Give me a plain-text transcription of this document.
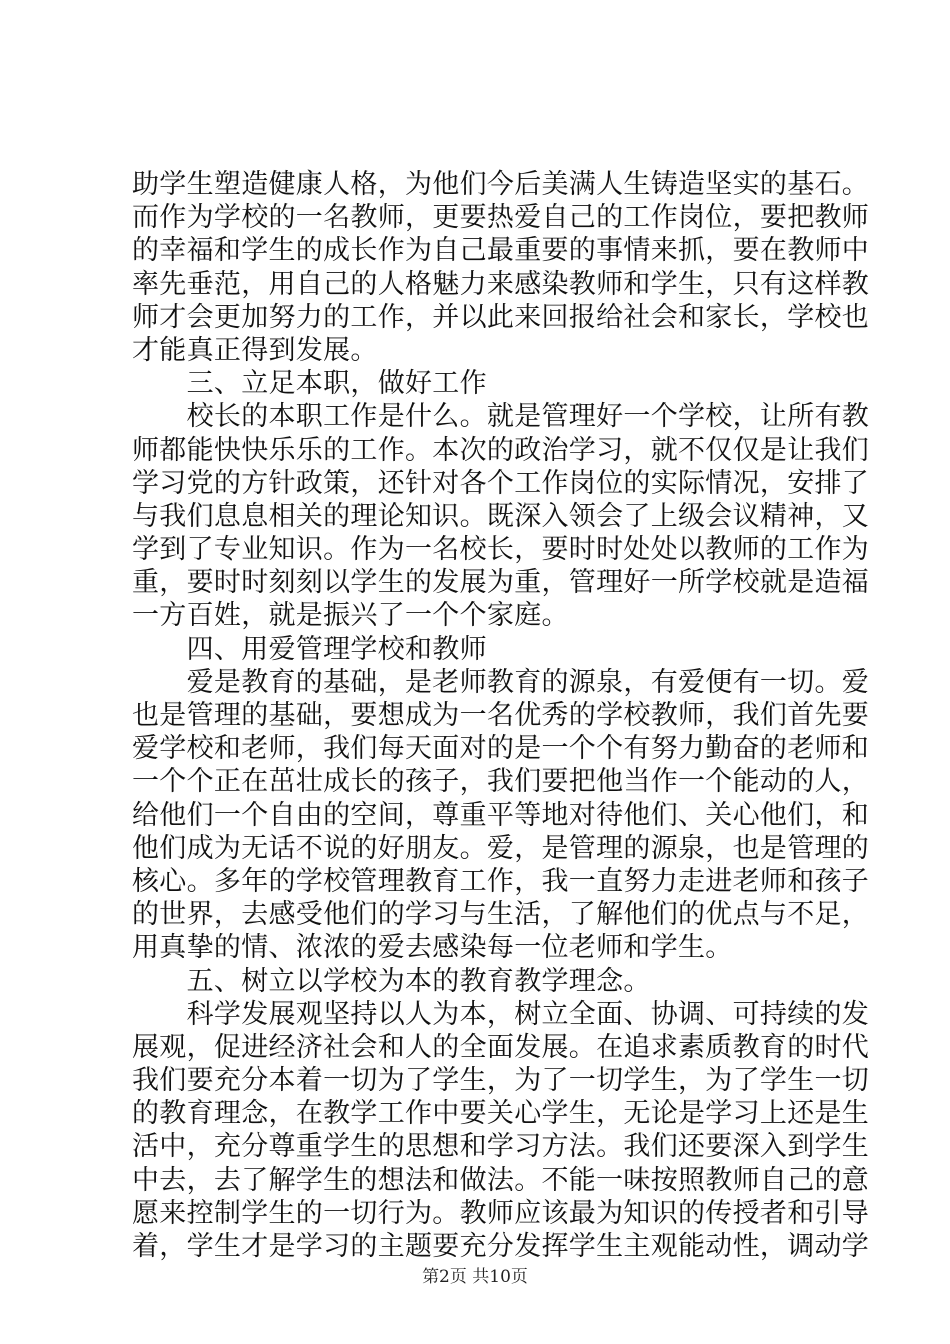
助学生塑造健康人格，为他们今后美满人生铸造坚实的基石。
而作为学校的一名教师，更要热爱自己的工作岗位，要把教师
的幸福和学生的成长作为自己最重要的事情来抓，要在教师中
率先垂范，用自己的人格魅力来感染教师和学生，只有这样教
师才会更加努力的工作，并以此来回报给社会和家长，学校也
才能真正得到发展。
　　三、立足本职，做好工作
　　校长的本职工作是什么。就是管理好一个学校，让所有教
师都能快快乐乐的工作。本次的政治学习，就不仅仅是让我们
学习党的方针政策，还针对各个工作岗位的实际情况，安排了
与我们息息相关的理论知识。既深入领会了上级会议精神，又
学到了专业知识。作为一名校长，要时时处处以教师的工作为
重，要时时刻刻以学生的发展为重，管理好一所学校就是造福
一方百姓，就是振兴了一个个家庭。
　　四、用爱管理学校和教师
　　爱是教育的基础，是老师教育的源泉，有爱便有一切。爱
也是管理的基础，要想成为一名优秀的学校教师，我们首先要
爱学校和老师，我们每天面对的是一个个有努力勤奋的老师和
一个个正在茁壮成长的孩子，我们要把他当作一个能动的人，
给他们一个自由的空间，尊重平等地对待他们、关心他们，和
他们成为无话不说的好朋友。爱，是管理的源泉，也是管理的
核心。多年的学校管理教育工作，我一直努力走进老师和孩子
的世界，去感受他们的学习与生活，了解他们的优点与不足，
用真挚的情、浓浓的爱去感染每一位老师和学生。
　　五、树立以学校为本的教育教学理念。
　　科学发展观坚持以人为本，树立全面、协调、可持续的发
展观，促进经济社会和人的全面发展。在追求素质教育的时代
我们要充分本着一切为了学生，为了一切学生，为了学生一切
的教育理念，在教学工作中要关心学生，无论是学习上还是生
活中，充分尊重学生的思想和学习方法。我们还要深入到学生
中去，去了解学生的想法和做法。不能一味按照教师自己的意
愿来控制学生的一切行为。教师应该最为知识的传授者和引导
着，学生才是学习的主题要充分发挥学生主观能动性，调动学
第2页 共10页
